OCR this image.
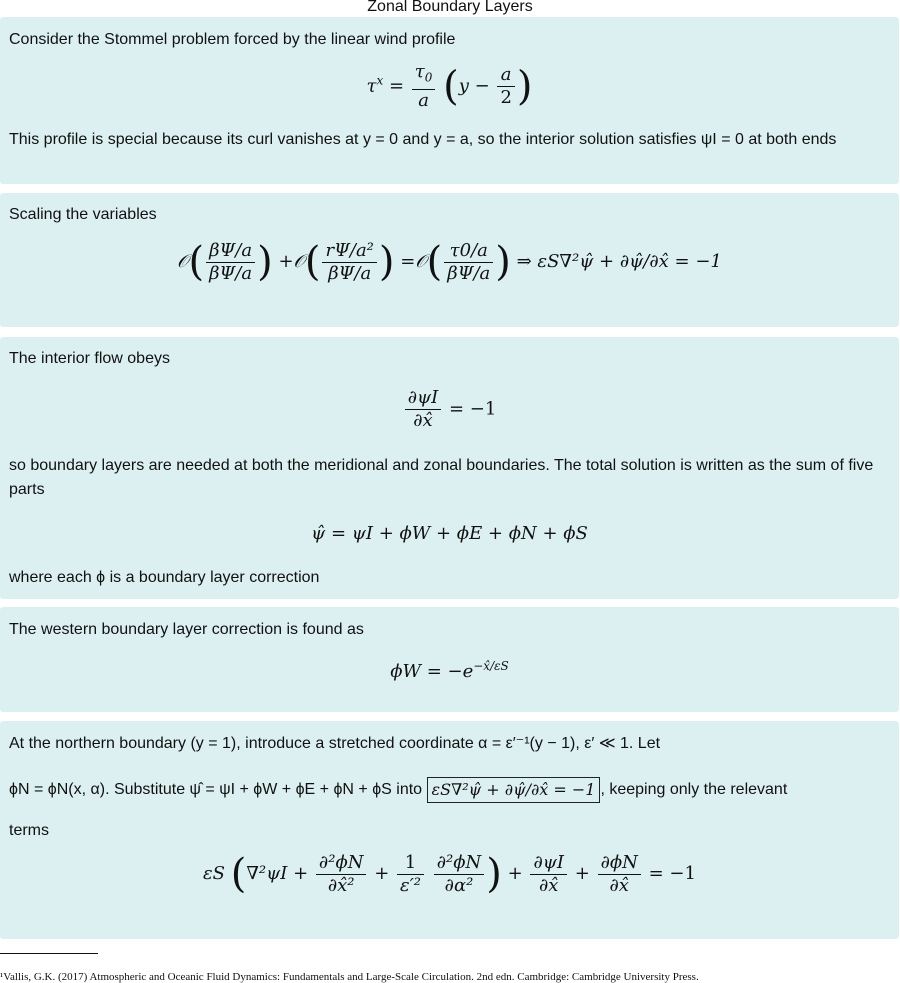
Zonal Boundary Layers
Consider the Stommel problem forced by the linear wind profile
$\tau^x = \frac{\tau_0}{a} (y - \frac{a}{2}$ )
This profile is special because its curl vanishes at y = 0 and y = a, so the interior solution satisfies ψI = 0 at both ends
Scaling the variables
𝒪( $\frac{\beta\Psi/a}{\beta\Psi/a}$ ) +𝒪( $\frac{\text{rΨ/a²}}{\beta\Psi/a}$ ) =𝒪( $\frac{\tau 0/a}{\beta\Psi/a}$ ) ⇒ εS∇²ψ̂ + ∂ψ̂/∂x̂ = −1
The interior flow obeys
$\frac{\partial\psi I}{\partial x̂} = -1$
so boundary layers are needed at both the meridional and zonal boundaries. The total solution is written as the sum of five parts
ψ̂ = ψI + ϕW + ϕE + ϕN + ϕS
where each ϕ is a boundary layer correction
The western boundary layer correction is found as
$\phi W = -e^{-x̂/\varepsilon S}$
At the northern boundary (y = 1), introduce a stretched coordinate α = ε′⁻¹(y − 1), ε′ ≪ 1. Let
ϕN = ϕN(x, α). Substitute ψ̂ = ψI + ϕW + ϕE + ϕN + ϕS into εS∇²ψ̂ + ∂ψ̂/∂x̂ = −1 , keeping only the relevant
terms
εS ($\nabla^2\psi I + \frac{\text{∂²ϕN}}{\text{∂x̂²}} + \frac{1}{\text{ε′²}}$
$\frac{\text{∂²ϕN}}{\text{∂α²}}$ ) + $\frac{\partial\psi I}{\partial x̂} + \frac{\partial\phi N}{\partial x̂} = -1$
¹Vallis, G.K. (2017) Atmospheric and Oceanic Fluid Dynamics: Fundamentals and Large-Scale Circulation. 2nd edn. Cambridge: Cambridge University Press.
